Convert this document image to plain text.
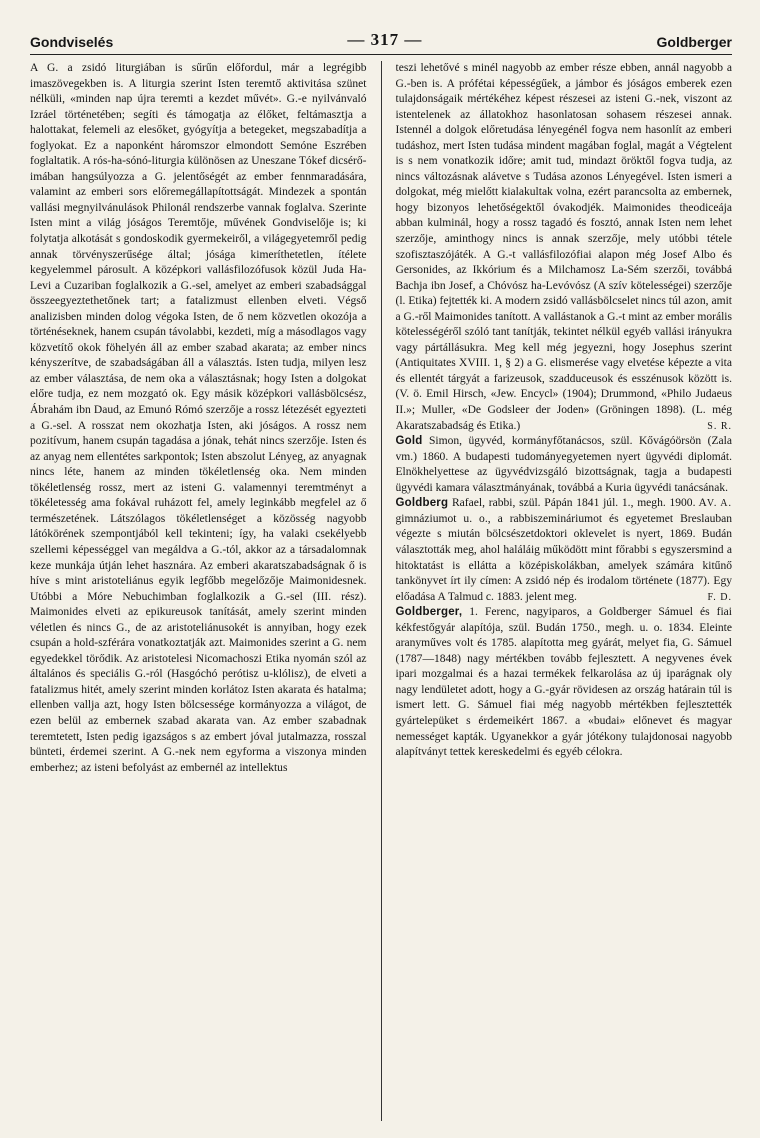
Gondviselés	— 317 —	Goldberger

A G. a zsidó liturgiában is sűrűn előfordul, már a legrégibb imaszövegekben is. A liturgia szerint Isten teremtő aktivitása szünet nélküli, «minden nap újra teremti a kezdet művét». G.-e nyilvánvaló Izráel történetében; segíti és támogatja az élőket, feltámasztja a halottakat, felemeli az elesőket, gyógyítja a betegeket, megszabadítja a foglyokat. Ez a naponként háromszor elmondott Semóne Eszrében foglaltatik. A rós-ha-sónó-liturgia különösen az Uneszane Tókef dicsérő-imában hangsúlyozza a G. jelentőségét az ember fennmaradására, valamint az emberi sors előremegállapítottságát. Mindezek a spontán vallási megnyilvánulások Philonál rendszerbe vannak foglalva. Szerinte Isten mint a világ jóságos Teremtője, művének Gondviselője is; ki folytatja alkotását s gondoskodik gyermekeiről, a világegyetemről pedig annak törvényszerűsége által; jósága kimeríthetetlen, ítélete kegyelemmel párosult. A középkori vallásfilozófusok közül Juda Ha-Levi a Cuzariban foglalkozik a G.-sel, amelyet az emberi szabadsággal összeegyeztethetőnek tart; a fatalizmust ellenben elveti. Végső analizisben minden dolog végoka Isten, de ő nem közvetlen okozója a történéseknek, hanem csupán távolabbi, kezdeti, míg a másodlagos vagy közvetítő okok föhelyén áll az ember szabad akarata; az ember nincs kényszerítve, de szabadságában áll a választás. Isten tudja, milyen lesz az ember választása, de nem oka a választásnak; hogy Isten a dolgokat előre tudja, ez nem mozgató ok. Egy másik középkori vallásbölcsész, Ábrahám ibn Daud, az Emunó Rómó szerzője a rossz létezését egyezteti a G.-sel. A rosszat nem okozhatja Isten, aki jóságos. A rossz nem pozitívum, hanem csupán tagadása a jónak, tehát nincs szerzője. Isten és az anyag nem ellentétes sarkpontok; Isten abszolut Lényeg, az anyagnak nincs léte, hanem az minden tökéletlenség oka. Nem minden tökéletlenség rossz, mert az isteni G. valamennyi teremtményt a tökéletesség ama fokával ruházott fel, amely leginkább megfelel az ő természetének. Látszólagos tökéletlenséget a közösség nagyobb látókörének szempontjából kell tekinteni; így, ha valaki csekélyebb szellemi képességgel van megáldva a G.-tól, akkor az a társadalomnak keze munkája útján lehet hasznára. Az emberi akaratszabadságnak ő is híve s mint aristoteliánus egyik legfőbb megelőzője Maimonidesnek. Utóbbi a Móre Nebuchimban foglalkozik a G.-sel (III. rész). Maimonides elveti az epikureusok tanítását, amely szerint minden véletlen és nincs G., de az aristoteliánusokét is annyiban, hogy ezek csupán a hold-szférára vonatkoztatják azt. Maimonides szerint a G. nem egyedekkel törődik. Az aristotelesi Nicomachoszi Etika nyomán szól az általános és speciális G.-ról (Hasgóchó perótisz u-klólisz), de elveti a fatalizmus hitét, amely szerint minden korlátoz Isten akarata és hatalma; ellenben vallja azt, hogy Isten bölcsessége kormányozza a világot, de ezen belül az embernek szabad akarata van. Az ember szabadnak teremtetett, Isten pedig igazságos s az embert jóval jutalmazza, rosszal bünteti, érdemei szerint. A G.-nek nem egyforma a viszonya minden emberhez; az isteni befolyást az embernél az intellektus

teszi lehetővé s minél nagyobb az ember része ebben, annál nagyobb a G.-ben is. A prófétai képességűek, a jámbor és jóságos emberek ezen tulajdonságaik mértékéhez képest részesei az isteni G.-nek, viszont az istentelenek az állatokhoz hasonlatosan sohasem részesei annak. Istennél a dolgok előretudása lényegénél fogva nem hasonlít az emberi tudáshoz, mert Isten tudása mindent magában foglal, magát a Végtelent is s nem vonatkozik időre; amit tud, mindazt öröktől fogva tudja, az nincs változásnak alávetve s Tudása azonos Lényegével. Isten ismeri a dolgokat, még mielőtt kialakultak volna, ezért parancsolta az embernek, hogy bizonyos lehetőségektől óvakodjék. Maimonides theodiceája abban kulminál, hogy a rossz tagadó és fosztó, annak Isten nem lehet szerzője, aminthogy nincs is annak szerzője, mely utóbbi tétele szofisztaszójáték. A G.-t vallásfilozófiai alapon még Josef Albo és Gersonides, az Ikkórium és a Milchamosz La-Sém szerzői, továbbá Bachja ibn Josef, a Chóvósz ha-Levóvósz (A szív kötelességei) szerzője (l. Etika) fejtették ki. A modern zsidó vallásbölcselet nincs túl azon, amit a G.-ről Maimonides tanított. A vallástanok a G.-t mint az ember morális kötelességéről szóló tant tanítják, tekintet nélkül egyéb vallási irányukra vagy pártállásukra. Meg kell még jegyezni, hogy Josephus szerint (Antiquitates XVIII. 1, § 2) a G. elismerése vagy elvetése képezte a vita és ellentét tárgyát a farizeusok, szadduceusok és esszénusok között is. (V. ö. Emil Hirsch, «Jew. Encycl» (1904); Drummond, «Philo Judaeus II.»; Muller, «De Godsleer der Joden» (Gröningen 1898). (L. még Akaratszabadság és Etika.)	S. R.

Gold Simon, ügyvéd, kormányfőtanácsos, szül. Kővágóörsön (Zala vm.) 1860. A budapesti tudományegyetemen nyert ügyvédi diplomát. Elnökhelyettese az ügyvédvizsgáló bizottságnak, tagja a budapesti ügyvédi kamara választmányának, továbbá a Kuria ügyvédi tanácsának.
V. A.

Goldberg Rafael, rabbi, szül. Pápán 1841 júl. 1., megh. 1900. A gimnáziumot u. o., a rabbiszemináriumot és egyetemet Breslauban végezte s miután bölcsészetdoktori oklevelet is nyert, 1869. Budán választották meg, ahol haláláig működött mint főrabbi s egyszersmind a hitoktatást is ellátta a középiskolákban, amelyek számára kitűnő tankönyvet írt ily címen: A zsidó nép és irodalom története (1877). Egy előadása A Talmud c. 1883. jelent meg.	F. D.

Goldberger, 1. Ferenc, nagyiparos, a Goldberger Sámuel és fiai kékfestőgyár alapítója, szül. Budán 1750., megh. u. o. 1834. Eleinte aranyműves volt és 1785. alapította meg gyárát, melyet fia, G. Sámuel (1787—1848) nagy mértékben tovább fejlesztett. A negyvenes évek ipari mozgalmai és a hazai termékek felkarolása az új iparágnak oly nagy lendületet adott, hogy a G.-gyár rövidesen az ország határain túl is ismert lett. G. Sámuel fiai még nagyobb mértékben fejlesztették gyártelepüket s érdemeikért 1867. a «budai» előnevet és magyar nemességet kapták. Ugyanekkor a gyár jótékony tulajdonosai nagyobb alapítványt tettek kereskedelmi és egyéb célokra.
